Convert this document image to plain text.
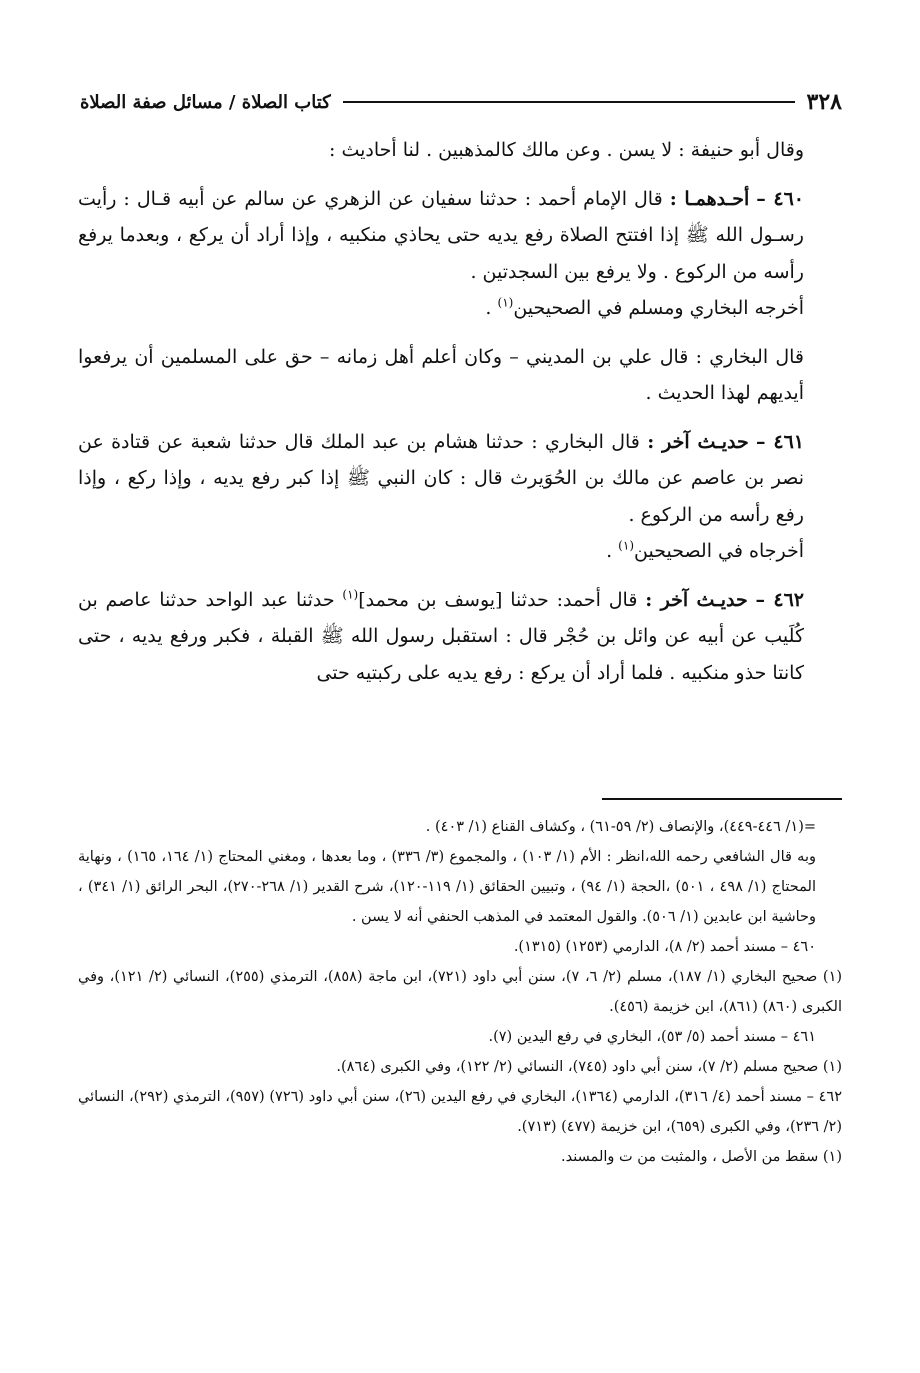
٣٢٨
كتاب الصلاة / مسائل صفة الصلاة

وقال أبو حنيفة : لا يسن . وعن مالك كالمذهبين . لنا أحاديث :

٤٦٠ – أحـدهمـا : قال الإمام أحمد : حدثنا سفيان عن الزهري عن سالم عن أبيه قـال : رأيت رسـول الله ﷺ إذا افتتح الصلاة رفع يديه حتى يحاذي منكبيه ، وإذا أراد أن يركع ، وبعدما يرفع رأسه من الركوع . ولا يرفع بين السجدتين .

أخرجه البخاري ومسلم في الصحيحين$^{(١)}$ .

قال البخاري : قال علي بن المديني – وكان أعلم أهل زمانه – حق على المسلمين أن يرفعوا أيديهم لهذا الحديث .

٤٦١ – حديـث آخر : قال البخاري : حدثنا هشام بن عبد الملك قال حدثنا شعبة عن قتادة عن نصر بن عاصم عن مالك بن الحُوَيرث قال : كان النبي ﷺ إذا كبر رفع يديه ، وإذا ركع ، وإذا رفع رأسه من الركوع .

أخرجاه في الصحيحين$^{(١)}$ .

٤٦٢ – حديـث آخر : قال أحمد: حدثنا [يوسف بن محمد]$^{(١)}$ حدثنا عبد الواحد حدثنا عاصم بن كُلَيب عن أبيه عن وائل بن حُجْر قال : استقبل رسول الله ﷺ القبلة ، فكبر ورفع يديه ، حتى كانتا حذو منكبيه . فلما أراد أن يركع : رفع يديه على ركبتيه حتى

=(١/ ٤٤٦-٤٤٩)، والإنصاف (٢/ ٥٩-٦١) ، وكشاف القناع (١/ ٤٠٣) .

وبه قال الشافعي رحمه الله،انظر : الأم (١/ ١٠٣) ، والمجموع (٣/ ٣٣٦) ، وما بعدها ، ومغني المحتاج (١/ ١٦٤، ١٦٥) ، ونهاية المحتاج (١/ ٤٩٨ ، ٥٠١) ،الحجة (١/ ٩٤) ، وتبيين الحقائق (١/ ١١٩-١٢٠)، شرح القدير (١/ ٢٦٨-٢٧٠)، البحر الرائق (١/ ٣٤١) ، وحاشية ابن عابدين (١/ ٥٠٦). والقول المعتمد في المذهب الحنفي أنه لا يسن .

٤٦٠ – مسند أحمد (٢/ ٨)، الدارمي (١٢٥٣) (١٣١٥).

(١) صحيح البخاري (١/ ١٨٧)، مسلم (٢/ ٦، ٧)، سنن أبي داود (٧٢١)، ابن ماجة (٨٥٨)، الترمذي (٢٥٥)، النسائي (٢/ ١٢١)، وفي الكبرى (٨٦٠) (٨٦١)، ابن خزيمة (٤٥٦).

٤٦١ – مسند أحمد (٥/ ٥٣)، البخاري في رفع اليدين (٧).

(١) صحيح مسلم (٢/ ٧)، سنن أبي داود (٧٤٥)، النسائي (٢/ ١٢٢)، وفي الكبرى (٨٦٤).

٤٦٢ – مسند أحمد (٤/ ٣١٦)، الدارمي (١٣٦٤)، البخاري في رفع اليدين (٢٦)، سنن أبي داود (٧٢٦) (٩٥٧)، الترمذي (٢٩٢)، النسائي (٢/ ٢٣٦)، وفي الكبرى (٦٥٩)، ابن خزيمة (٤٧٧) (٧١٣).

(١) سقط من الأصل ، والمثبت من ت والمسند.
